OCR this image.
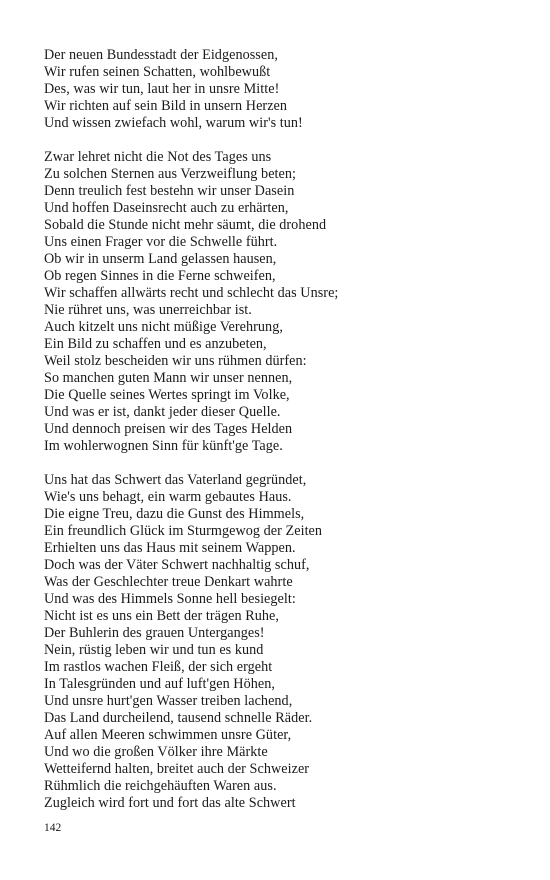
Der neuen Bundesstadt der Eidgenossen,
Wir rufen seinen Schatten, wohlbewußt
Des, was wir tun, laut her in unsre Mitte!
Wir richten auf sein Bild in unsern Herzen
Und wissen zwiefach wohl, warum wir's tun!
Zwar lehret nicht die Not des Tages uns
Zu solchen Sternen aus Verzweiflung beten;
Denn treulich fest bestehn wir unser Dasein
Und hoffen Daseinsrecht auch zu erhärten,
Sobald die Stunde nicht mehr säumt, die drohend
Uns einen Frager vor die Schwelle führt.
Ob wir in unserm Land gelassen hausen,
Ob regen Sinnes in die Ferne schweifen,
Wir schaffen allwärts recht und schlecht das Unsre;
Nie rühret uns, was unerreichbar ist.
Auch kitzelt uns nicht müßige Verehrung,
Ein Bild zu schaffen und es anzubeten,
Weil stolz bescheiden wir uns rühmen dürfen:
So manchen guten Mann wir unser nennen,
Die Quelle seines Wertes springt im Volke,
Und was er ist, dankt jeder dieser Quelle.
Und dennoch preisen wir des Tages Helden
Im wohlerwognen Sinn für künft'ge Tage.
Uns hat das Schwert das Vaterland gegründet,
Wie's uns behagt, ein warm gebautes Haus.
Die eigne Treu, dazu die Gunst des Himmels,
Ein freundlich Glück im Sturmgewog der Zeiten
Erhielten uns das Haus mit seinem Wappen.
Doch was der Väter Schwert nachhaltig schuf,
Was der Geschlechter treue Denkart wahrte
Und was des Himmels Sonne hell besiegelt:
Nicht ist es uns ein Bett der trägen Ruhe,
Der Buhlerin des grauen Unterganges!
Nein, rüstig leben wir und tun es kund
Im rastlos wachen Fleiß, der sich ergeht
In Talesgründen und auf luft'gen Höhen,
Und unsre hurt'gen Wasser treiben lachend,
Das Land durcheilend, tausend schnelle Räder.
Auf allen Meeren schwimmen unsre Güter,
Und wo die großen Völker ihre Märkte
Wetteifernd halten, breitet auch der Schweizer
Rühmlich die reichgehäuften Waren aus.
Zugleich wird fort und fort das alte Schwert
142
